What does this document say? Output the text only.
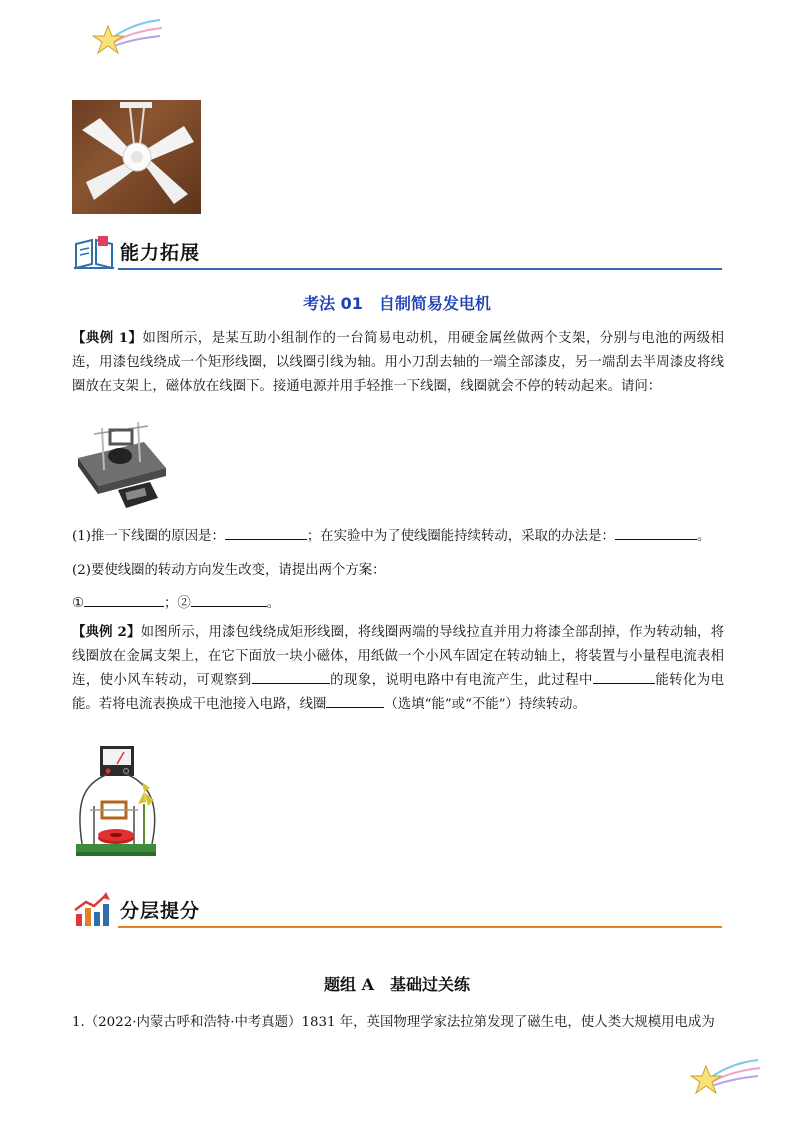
能力拓展
考法 01　自制简易发电机
【典例 1】如图所示，是某互助小组制作的一台简易电动机，用硬金属丝做两个支架，分别与电池的两级相连，用漆包线绕成一个矩形线圈，以线圈引线为轴。用小刀刮去轴的一端全部漆皮，另一端刮去半周漆皮将线圈放在支架上，磁体放在线圈下。接通电源并用手轻推一下线圈，线圈就会不停的转动起来。请问：
(1)推一下线圈的原因是：	；在实验中为了使线圈能持续转动，采取的办法是：	。
(2)要使线圈的转动方向发生改变，请提出两个方案：
①	；②	。
【典例 2】如图所示，用漆包线绕成矩形线圈，将线圈两端的导线拉直并用力将漆全部刮掉，作为转动轴，将线圈放在金属支架上，在它下面放一块小磁体，用纸做一个小风车固定在转动轴上，将装置与小量程电流表相连，使小风车转动，可观察到	的现象，说明电路中有电流产生，此过程中	能转化为电能。若将电流表换成干电池接入电路，线圈	（选填“能”或“不能”）持续转动。
分层提分
题组 A　基础过关练
1.（2022·内蒙古呼和浩特·中考真题）1831 年，英国物理学家法拉第发现了磁生电，使人类大规模用电成为
